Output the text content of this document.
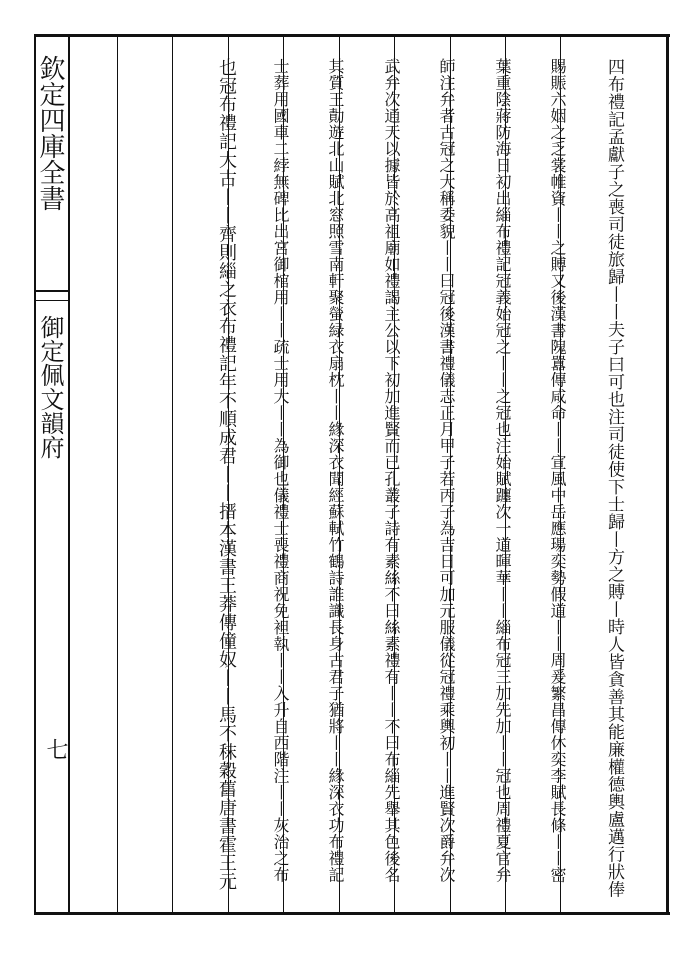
欽定四庫全書
御定佩文韻府
七	四布禮記孟獻子之喪司徒旅歸丨丨夫子曰可也注司徒使下士歸丨方之賻丨時人皆貪善其能廉權德輿盧邁行狀俸
賜賑六姻之乏裳帷資丨丨之賻又後漢書隗囂傳咸命丨丨宣風中岳應瑒奕勢假道丨丨周爰繁昌傳休奕李賦長條丨丨密
葉重陰蔣防海日初出緇布禮記冠義始冠之丨丨之冠也注始賦躔次一道暉華丨丨緇布冠三加先加丨丨冠也周禮夏官弁
師注弁者古冠之大稱委貌丨丨曰冠後漢書禮儀志正月甲子若丙子為吉日可加元服儀從冠禮乘輿初丨丨進賢次爵弁次
武弁次通天以據皆於高祖廟如禮謁主公以下初加進賢而已孔叢子詩有素絲不曰絲素禮有丨丨不曰布緇先舉其色後名
其質王勣遊北山賦北窓照雪南軒聚螢緑衣扇枕丨丨緣深衣聞經蘇軾竹鶴詩誰識長身古君子猶將丨丨緣深衣功布禮記
士葬用國車二綍無碑比出宮御棺用丨丨疏士用大丨丨為御也儀禮士喪禮商祝免袒執丨丨入升自西階注丨丨灰治之布
也冠布禮記大古丨丨齊則緇之衣布禮記年不順成君丨丨搢本漢書王莽傳僮奴丨丨馬不秣穀舊唐書霍王元
